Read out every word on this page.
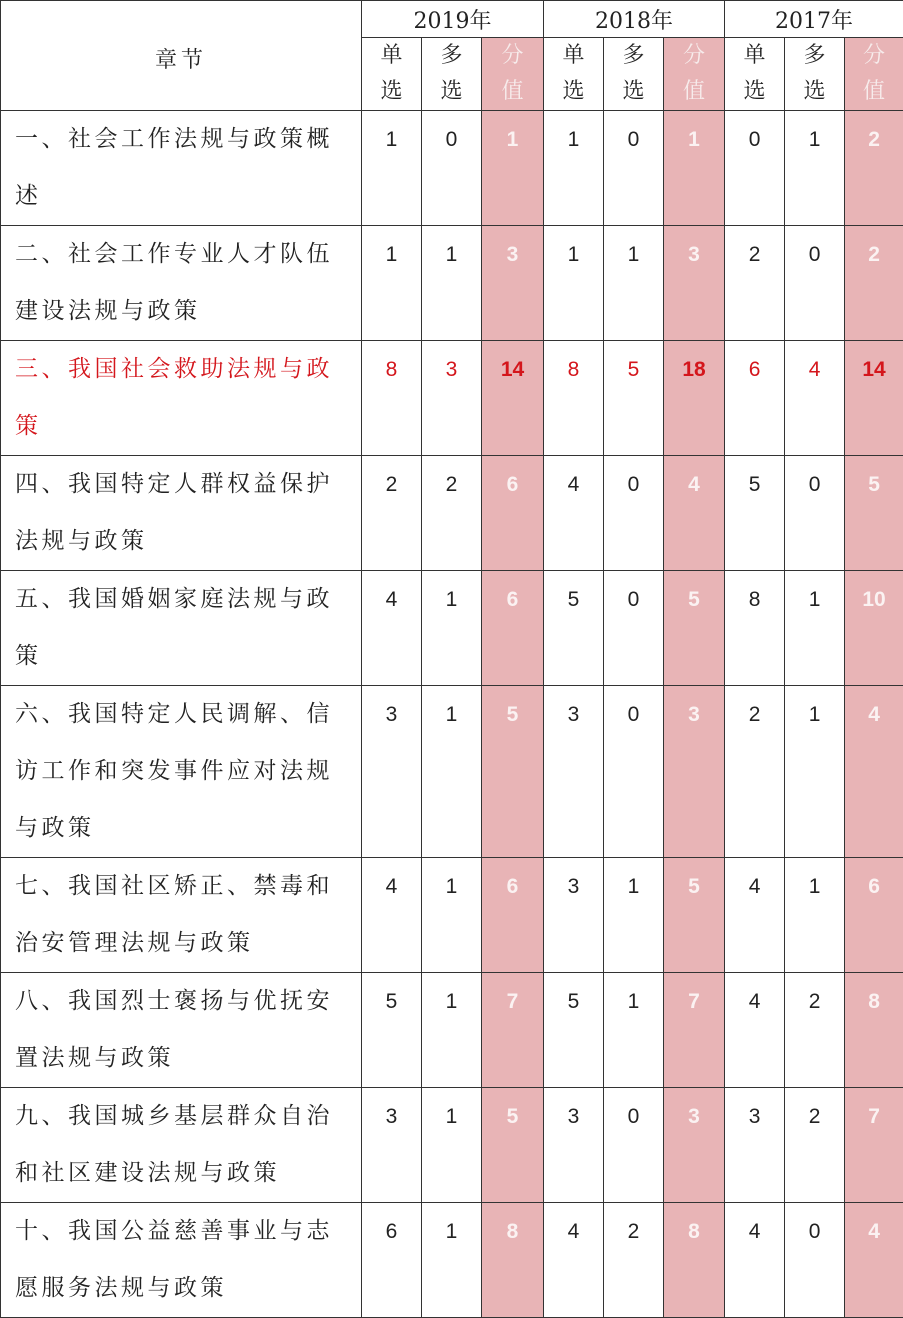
章节	2019年			2018年			2017年		

	单选	多选	分值	单选	多选	分值	单选	多选	分值

一、社会工作法规与政策概述	1	0	1	1	0	1	0	1	2
二、社会工作专业人才队伍建设法规与政策	1	1	3	1	1	3	2	0	2
三、我国社会救助法规与政策	8	3	14	8	5	18	6	4	14
四、我国特定人群权益保护法规与政策	2	2	6	4	0	4	5	0	5
五、我国婚姻家庭法规与政策	4	1	6	5	0	5	8	1	10
六、我国特定人民调解、信访工作和突发事件应对法规与政策	3	1	5	3	0	3	2	1	4
七、我国社区矫正、禁毒和治安管理法规与政策	4	1	6	3	1	5	4	1	6
八、我国烈士褒扬与优抚安置法规与政策	5	1	7	5	1	7	4	2	8
九、我国城乡基层群众自治和社区建设法规与政策	3	1	5	3	0	3	3	2	7
十、我国公益慈善事业与志愿服务法规与政策	6	1	8	4	2	8	4	0	4
